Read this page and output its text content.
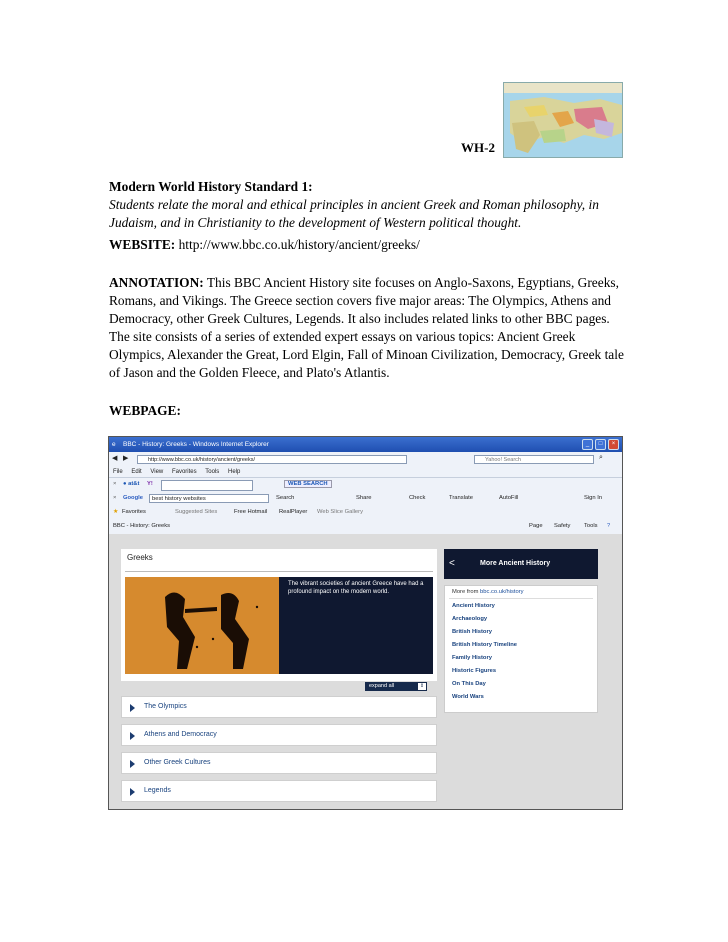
WH-2
Modern World History Standard 1:
Students relate the moral and ethical principles in ancient Greek and Roman philosophy, in Judaism, and in Christianity to the development of Western political thought.
WEBSITE: http://www.bbc.co.uk/history/ancient/greeks/
ANNOTATION: This BBC Ancient History site focuses on Anglo-Saxons, Egyptians, Greeks, Romans, and Vikings. The Greece section covers five major areas: The Olympics, Athens and Democracy, other Greek Cultures, Legends. It also includes related links to other BBC pages. The site consists of a series of extended expert essays on various topics: Ancient Greek Olympics, Alexander the Great, Lord Elgin, Fall of Minoan Civilization, Democracy, Greek tale of Jason and the Golden Fleece, and Plato's Atlantis.
WEBPAGE:
e BBC - History: Greeks - Windows Internet Explorer	_	□	×
◀ ▶	http://www.bbc.co.uk/history/ancient/greeks/	Yahoo! Search	⌕
File Edit View Favorites Tools Help
× ● at&t Y!	WEB SEARCH
× Google	best history websites	Search	Share	Check	Translate	AutoFill	Sign In
★ Favorites	Suggested Sites	Free Hotmail RealPlayer Web Slice Gallery
BBC - History: Greeks	Page Safety Tools ?
Greeks
The vibrant societies of ancient Greece have had a profound impact on the modern world.
expand all	⇕
The Olympics
Athens and Democracy
Other Greek Cultures
Legends
<	More Ancient History
More from bbc.co.uk/history
Ancient History
Archaeology
British History
British History Timeline
Family History
Historic Figures
On This Day
World Wars
